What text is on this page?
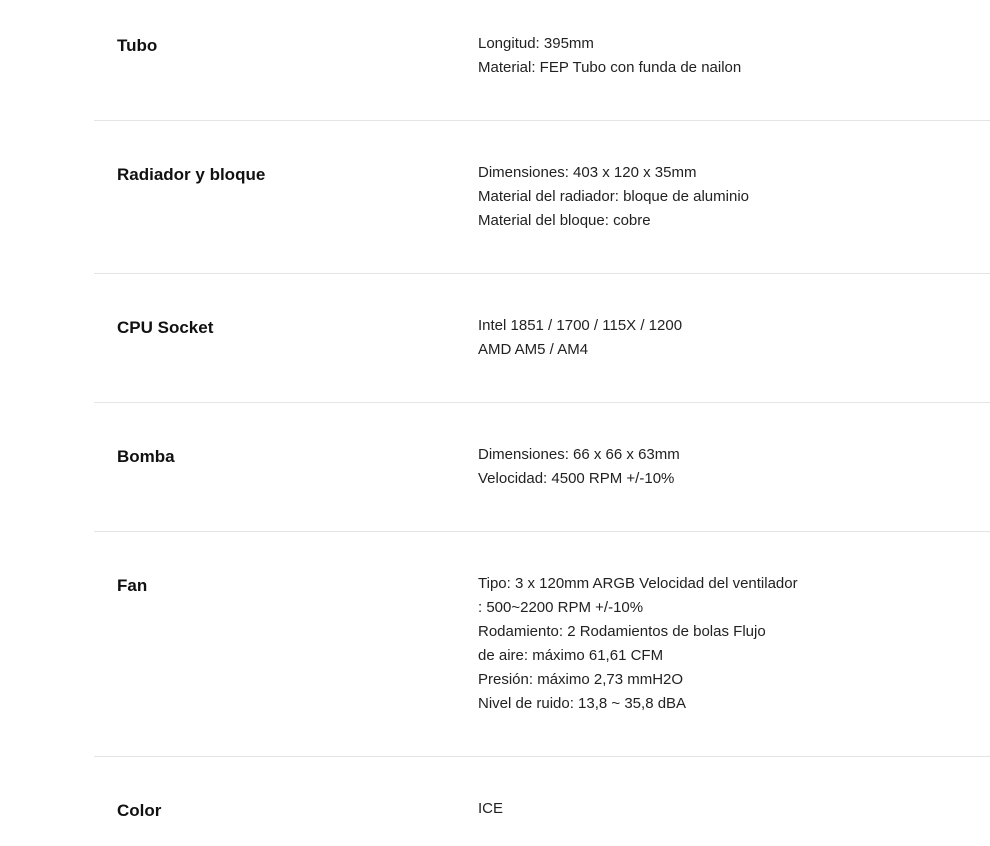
Tubo	Longitud: 395mm
Material: FEP Tubo con funda de nailon
Radiador y bloque	Dimensiones: 403 x 120 x 35mm
Material del radiador: bloque de aluminio
Material del bloque: cobre
CPU Socket	Intel 1851 / 1700 / 115X / 1200
AMD AM5 / AM4
Bomba	Dimensiones: 66 x 66 x 63mm
Velocidad: 4500 RPM +/-10%
Fan	Tipo: 3 x 120mm ARGB Velocidad del ventilador
: 500~2200 RPM +/-10%
Rodamiento: 2 Rodamientos de bolas Flujo
de aire: máximo 61,61 CFM
Presión: máximo 2,73 mmH2O
Nivel de ruido: 13,8 ~ 35,8 dBA
Color	ICE
